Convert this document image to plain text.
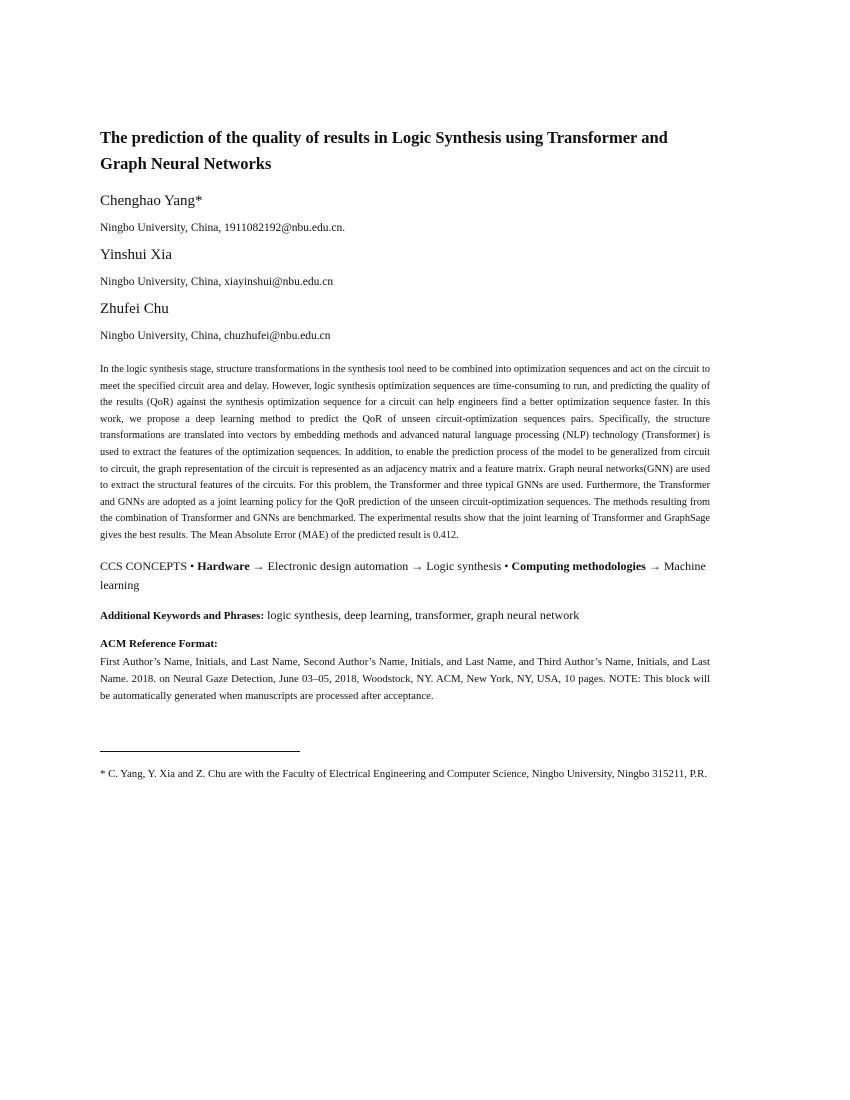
The prediction of the quality of results in Logic Synthesis using Transformer and Graph Neural Networks

Chenghao Yang*

Ningbo University, China, 1911082192@nbu.edu.cn.

Yinshui Xia

Ningbo University, China, xiayinshui@nbu.edu.cn

Zhufei Chu

Ningbo University, China, chuzhufei@nbu.edu.cn

In the logic synthesis stage, structure transformations in the synthesis tool need to be combined into optimization sequences and act on the circuit to meet the specified circuit area and delay. However, logic synthesis optimization sequences are time-consuming to run, and predicting the quality of the results (QoR) against the synthesis optimization sequence for a circuit can help engineers find a better optimization sequence faster. In this work, we propose a deep learning method to predict the QoR of unseen circuit-optimization sequences pairs. Specifically, the structure transformations are translated into vectors by embedding methods and advanced natural language processing (NLP) technology (Transformer) is used to extract the features of the optimization sequences. In addition, to enable the prediction process of the model to be generalized from circuit to circuit, the graph representation of the circuit is represented as an adjacency matrix and a feature matrix. Graph neural networks(GNN) are used to extract the structural features of the circuits. For this problem, the Transformer and three typical GNNs are used. Furthermore, the Transformer and GNNs are adopted as a joint learning policy for the QoR prediction of the unseen circuit-optimization sequences. The methods resulting from the combination of Transformer and GNNs are benchmarked. The experimental results show that the joint learning of Transformer and GraphSage gives the best results. The Mean Absolute Error (MAE) of the predicted result is 0.412.

CCS CONCEPTS • Hardware → Electronic design automation → Logic synthesis • Computing methodologies → Machine learning

Additional Keywords and Phrases: logic synthesis, deep learning, transformer, graph neural network

ACM Reference Format:

First Author’s Name, Initials, and Last Name, Second Author’s Name, Initials, and Last Name, and Third Author’s Name, Initials, and Last Name. 2018. on Neural Gaze Detection, June 03–05, 2018, Woodstock, NY. ACM, New York, NY, USA, 10 pages. NOTE: This block will be automatically generated when manuscripts are processed after acceptance.

* C. Yang, Y. Xia and Z. Chu are with the Faculty of Electrical Engineering and Computer Science, Ningbo University, Ningbo 315211, P.R.
